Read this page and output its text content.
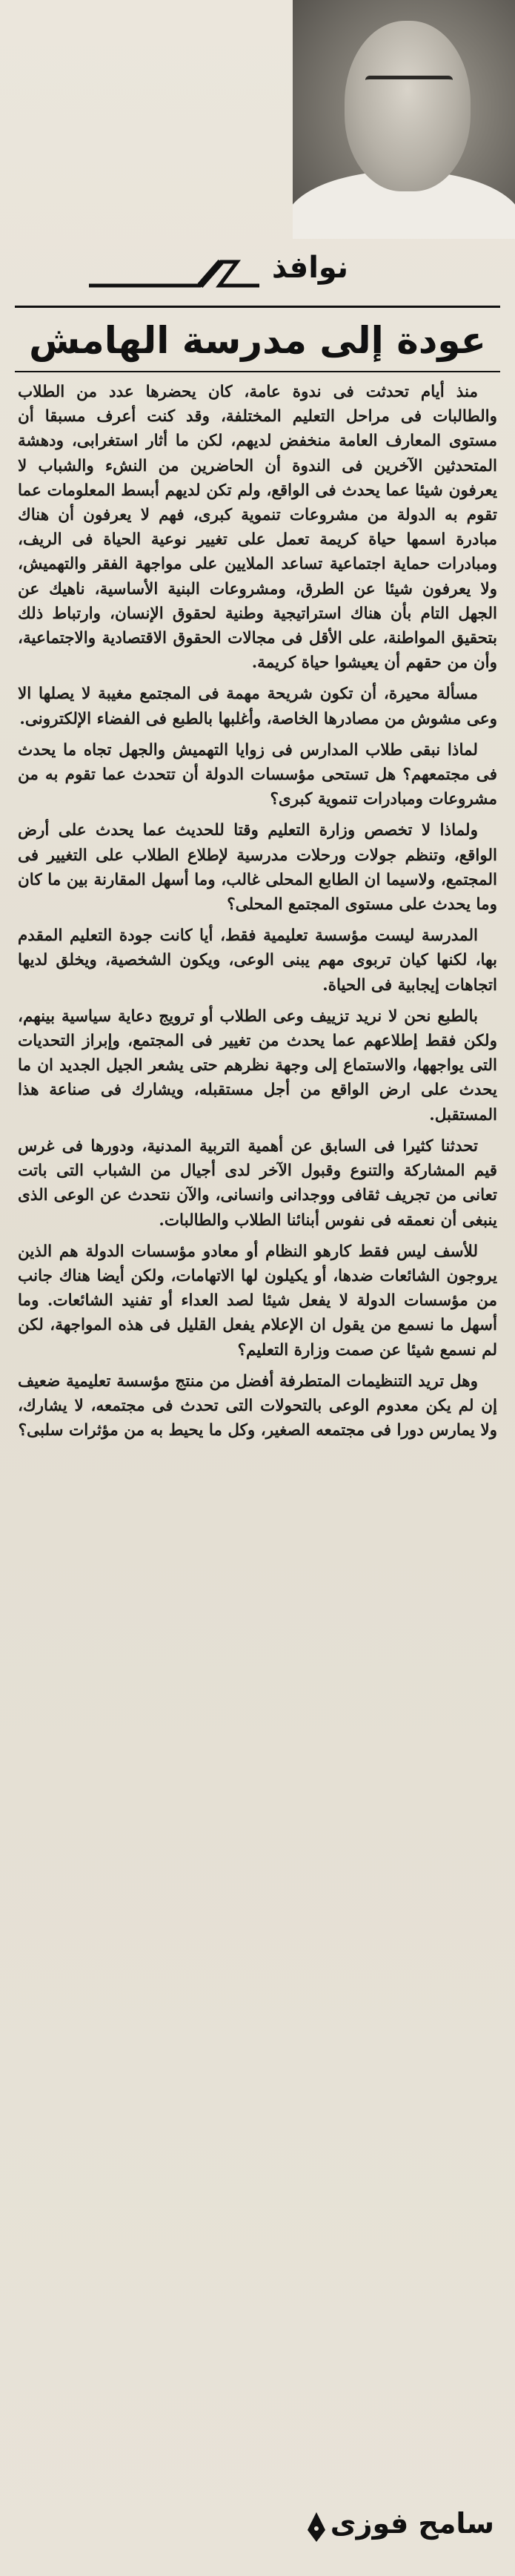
نوافذ
عودة إلى مدرسة الهامش

منذ أيام تحدثت فى ندوة عامة، كان يحضرها عدد من الطلاب والطالبات فى مراحل التعليم المختلفة، وقد كنت أعرف مسبقا أن مستوى المعارف العامة منخفض لديهم، لكن ما أثار استغرابى، ودهشة المتحدثين الآخرين فى الندوة أن الحاضرين من النشء والشباب لا يعرفون شيئا عما يحدث فى الواقع، ولم تكن لديهم أبسط المعلومات عما تقوم به الدولة من مشروعات تنموية كبرى، فهم لا يعرفون أن هناك مبادرة اسمها حياة كريمة تعمل على تغيير نوعية الحياة فى الريف، ومبادرات حماية اجتماعية تساعد الملايين على مواجهة الفقر والتهميش، ولا يعرفون شيئا عن الطرق، ومشروعات البنية الأساسية، ناهيك عن الجهل التام بأن هناك استراتيجية وطنية لحقوق الإنسان، وارتباط ذلك بتحقيق المواطنة، على الأقل فى مجالات الحقوق الاقتصادية والاجتماعية، وأن من حقهم أن يعيشوا حياة كريمة.

مسألة محيرة، أن تكون شريحة مهمة فى المجتمع مغيبة لا يصلها الا وعى مشوش من مصادرها الخاصة، وأغلبها بالطبع فى الفضاء الإلكترونى.

لماذا نبقى طلاب المدارس فى زوايا التهميش والجهل تجاه ما يحدث فى مجتمعهم؟ هل تستحى مؤسسات الدولة أن تتحدث عما تقوم به من مشروعات ومبادرات تنموية كبرى؟

ولماذا لا تخصص وزارة التعليم وقتا للحديث عما يحدث على أرض الواقع، وتنظم جولات ورحلات مدرسية لإطلاع الطلاب على التغيير فى المجتمع، ولاسيما ان الطابع المحلى غالب، وما أسهل المقارنة بين ما كان وما يحدث على مستوى المجتمع المحلى؟

المدرسة ليست مؤسسة تعليمية فقط، أيا كانت جودة التعليم المقدم بها، لكنها كيان تربوى مهم يبنى الوعى، ويكون الشخصية، ويخلق لديها اتجاهات إيجابية فى الحياة.

بالطبع نحن لا نريد تزييف وعى الطلاب أو ترويج دعاية سياسية بينهم، ولكن فقط إطلاعهم عما يحدث من تغيير فى المجتمع، وإبراز التحديات التى يواجهها، والاستماع إلى وجهة نظرهم حتى يشعر الجيل الجديد ان ما يحدث على ارض الواقع من أجل مستقبله، ويشارك فى صناعة هذا المستقبل.

تحدثنا كثيرا فى السابق عن أهمية التربية المدنية، ودورها فى غرس قيم المشاركة والتنوع وقبول الآخر لدى أجيال من الشباب التى باتت تعانى من تجريف ثقافى ووجدانى وانسانى، والآن نتحدث عن الوعى الذى ينبغى أن نعمقه فى نفوس أبنائنا الطلاب والطالبات.

للأسف ليس فقط كارهو النظام أو معادو مؤسسات الدولة هم الذين يروجون الشائعات ضدها، أو يكيلون لها الاتهامات، ولكن أيضا هناك جانب من مؤسسات الدولة لا يفعل شيئا لصد العداء أو تفنيد الشائعات. وما أسهل ما نسمع من يقول ان الإعلام يفعل القليل فى هذه المواجهة، لكن لم نسمع شيئا عن صمت وزارة التعليم؟

وهل تريد التنظيمات المتطرفة أفضل من منتج مؤسسة تعليمية ضعيف إن لم يكن معدوم الوعى بالتحولات التى تحدث فى مجتمعه، لا يشارك، ولا يمارس دورا فى مجتمعه الصغير، وكل ما يحيط به من مؤثرات سلبى؟

سامح فوزى
